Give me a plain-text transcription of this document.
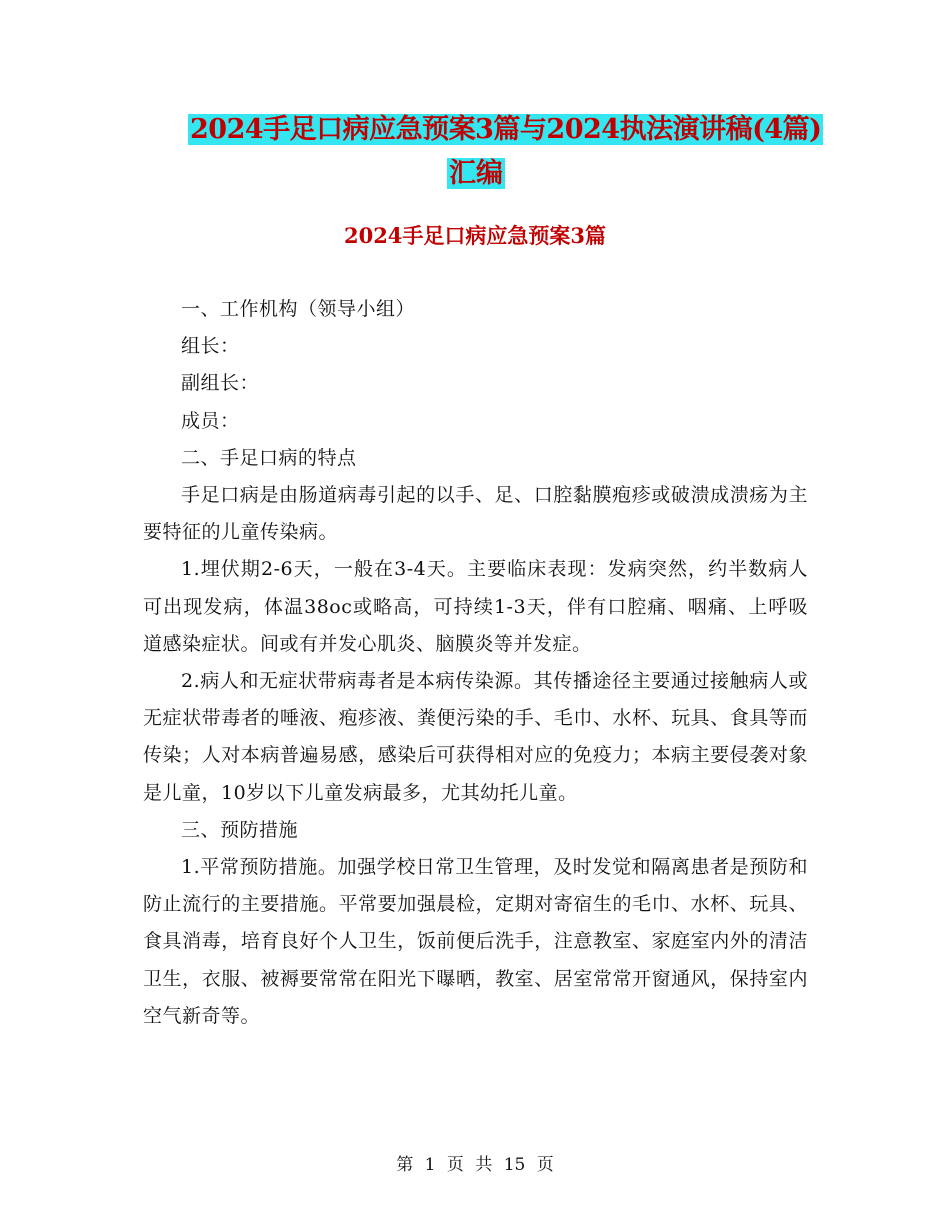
2024手足口病应急预案3篇与2024执法演讲稿(4篇)
汇编
2024手足口病应急预案3篇

一、工作机构（领导小组）

组长：

副组长：

成员：

二、手足口病的特点

手足口病是由肠道病毒引起的以手、足、口腔黏膜疱疹或破溃成溃疡为主要特征的儿童传染病。

1.埋伏期2-6天，一般在3-4天。主要临床表现：发病突然，约半数病人可出现发病，体温38oc或略高，可持续1-3天，伴有口腔痛、咽痛、上呼吸道感染症状。间或有并发心肌炎、脑膜炎等并发症。

2.病人和无症状带病毒者是本病传染源。其传播途径主要通过接触病人或无症状带毒者的唾液、疱疹液、粪便污染的手、毛巾、水杯、玩具、食具等而传染；人对本病普遍易感，感染后可获得相对应的免疫力；本病主要侵袭对象是儿童，10岁以下儿童发病最多，尤其幼托儿童。

三、预防措施

1.平常预防措施。加强学校日常卫生管理，及时发觉和隔离患者是预防和防止流行的主要措施。平常要加强晨检，定期对寄宿生的毛巾、水杯、玩具、食具消毒，培育良好个人卫生，饭前便后洗手，注意教室、家庭室内外的清洁卫生，衣服、被褥要常常在阳光下曝晒，教室、居室常常开窗通风，保持室内空气新奇等。

第 1 页 共 15 页
